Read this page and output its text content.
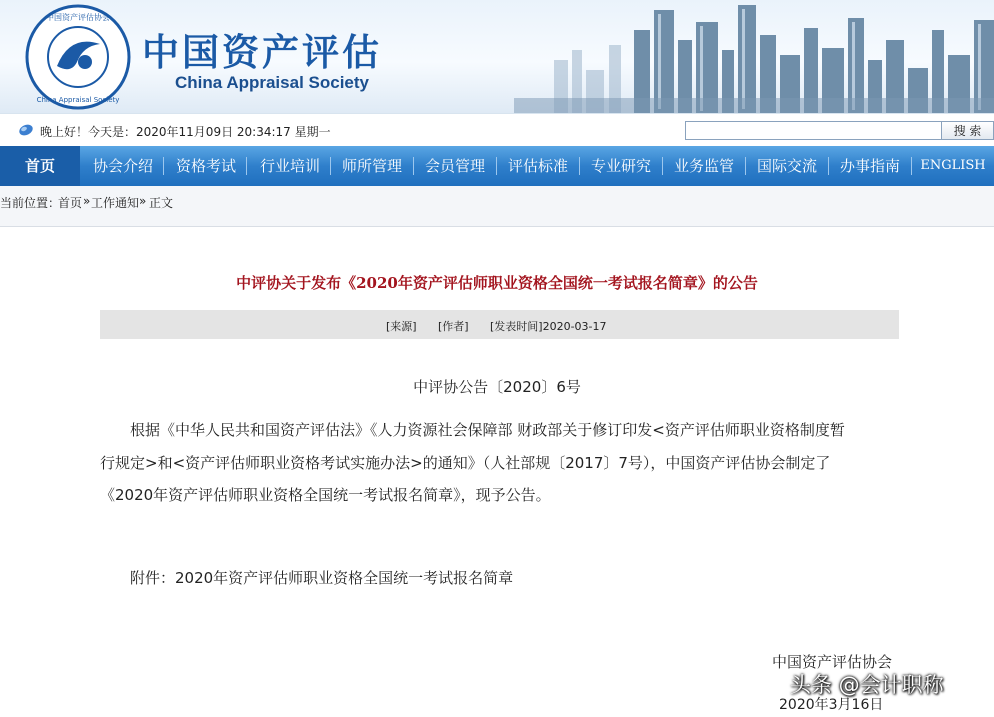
中国资产评估协会
China Appraisal Society
中国资产评估
China Appraisal Society
晚上好！今天是：2020年11月09日 20:34:17 星期一	搜 索
首页	协会介绍	资格考试	行业培训	师所管理	会员管理	评估标准	专业研究	业务监管	国际交流	办事指南	ENGLISH
当前位置：
首页 » 工作通知 » 正文
中评协关于发布《2020年资产评估师职业资格全国统一考试报名简章》的公告
[来源] [作者] [发表时间]2020-03-17
中评协公告〔2020〕6号
根据《中华人民共和国资产评估法》《人力资源社会保障部 财政部关于修订印发<资产评估师职业资格制度暂
行规定>和<资产评估师职业资格考试实施办法>的通知》（人社部规〔2017〕7号），中国资产评估协会制定了
《2020年资产评估师职业资格全国统一考试报名简章》，现予公告。
附件：2020年资产评估师职业资格全国统一考试报名简章
中国资产评估协会
2020年3月16日
头条 @会计职称
